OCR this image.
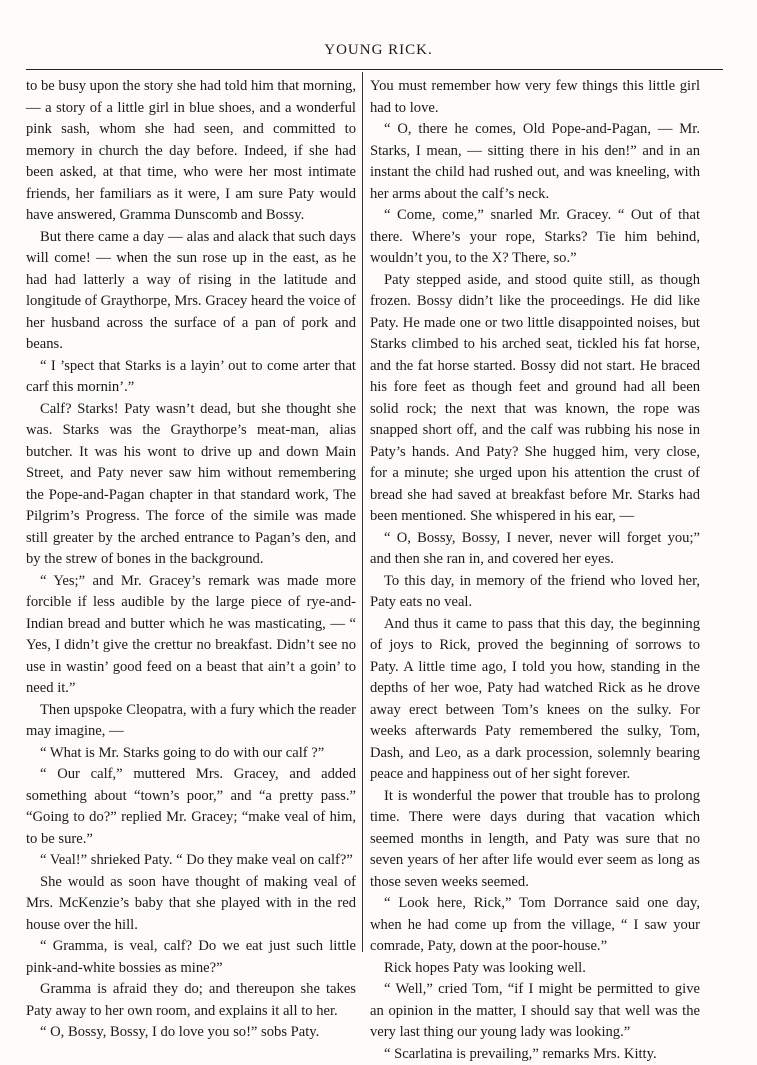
YOUNG RICK.

to be busy upon the story she had told him that morning, — a story of a little girl in blue shoes, and a wonderful pink sash, whom she had seen, and committed to memory in church the day before. Indeed, if she had been asked, at that time, who were her most intimate friends, her familiars as it were, I am sure Paty would have answered, Gramma Dunscomb and Bossy.

But there came a day — alas and alack that such days will come! — when the sun rose up in the east, as he had had latterly a way of rising in the latitude and longitude of Graythorpe, Mrs. Gracey heard the voice of her husband across the surface of a pan of pork and beans.

“ I ’spect that Starks is a layin’ out to come arter that carf this mornin’.”

Calf? Starks! Paty wasn’t dead, but she thought she was. Starks was the Graythorpe’s meat-man, alias butcher. It was his wont to drive up and down Main Street, and Paty never saw him without remembering the Pope-and-Pagan chapter in that standard work, The Pilgrim’s Progress. The force of the simile was made still greater by the arched entrance to Pagan’s den, and by the strew of bones in the background.

“ Yes;” and Mr. Gracey’s remark was made more forcible if less audible by the large piece of rye-and-Indian bread and butter which he was masticating, — “ Yes, I didn’t give the crettur no breakfast. Didn’t see no use in wastin’ good feed on a beast that ain’t a goin’ to need it.”

Then upspoke Cleopatra, with a fury which the reader may imagine, —

“ What is Mr. Starks going to do with our calf ?”

“ Our calf,” muttered Mrs. Gracey, and added something about “town’s poor,” and “a pretty pass.” “Going to do?” replied Mr. Gracey; “make veal of him, to be sure.”

“ Veal!” shrieked Paty. “ Do they make veal on calf?”

She would as soon have thought of making veal of Mrs. McKenzie’s baby that she played with in the red house over the hill.

“ Gramma, is veal, calf? Do we eat just such little pink-and-white bossies as mine?”

Gramma is afraid they do; and thereupon she takes Paty away to her own room, and explains it all to her.

“ O, Bossy, Bossy, I do love you so!” sobs Paty.

You must remember how very few things this little girl had to love.

“ O, there he comes, Old Pope-and-Pagan, — Mr. Starks, I mean, — sitting there in his den!” and in an instant the child had rushed out, and was kneeling, with her arms about the calf’s neck.

“ Come, come,” snarled Mr. Gracey. “ Out of that there. Where’s your rope, Starks? Tie him behind, wouldn’t you, to the X? There, so.”

Paty stepped aside, and stood quite still, as though frozen. Bossy didn’t like the proceedings. He did like Paty. He made one or two little disappointed noises, but Starks climbed to his arched seat, tickled his fat horse, and the fat horse started. Bossy did not start. He braced his fore feet as though feet and ground had all been solid rock; the next that was known, the rope was snapped short off, and the calf was rubbing his nose in Paty’s hands. And Paty? She hugged him, very close, for a minute; she urged upon his attention the crust of bread she had saved at breakfast before Mr. Starks had been mentioned. She whispered in his ear, —

“ O, Bossy, Bossy, I never, never will forget you;” and then she ran in, and covered her eyes.

To this day, in memory of the friend who loved her, Paty eats no veal.

And thus it came to pass that this day, the beginning of joys to Rick, proved the beginning of sorrows to Paty. A little time ago, I told you how, standing in the depths of her woe, Paty had watched Rick as he drove away erect between Tom’s knees on the sulky. For weeks afterwards Paty remembered the sulky, Tom, Dash, and Leo, as a dark procession, solemnly bearing peace and happiness out of her sight forever.

It is wonderful the power that trouble has to prolong time. There were days during that vacation which seemed months in length, and Paty was sure that no seven years of her after life would ever seem as long as those seven weeks seemed.

“ Look here, Rick,” Tom Dorrance said one day, when he had come up from the village, “ I saw your comrade, Paty, down at the poor-house.”

Rick hopes Paty was looking well.

“ Well,” cried Tom, “if I might be permitted to give an opinion in the matter, I should say that well was the very last thing our young lady was looking.”

“ Scarlatina is prevailing,” remarks Mrs. Kitty.
